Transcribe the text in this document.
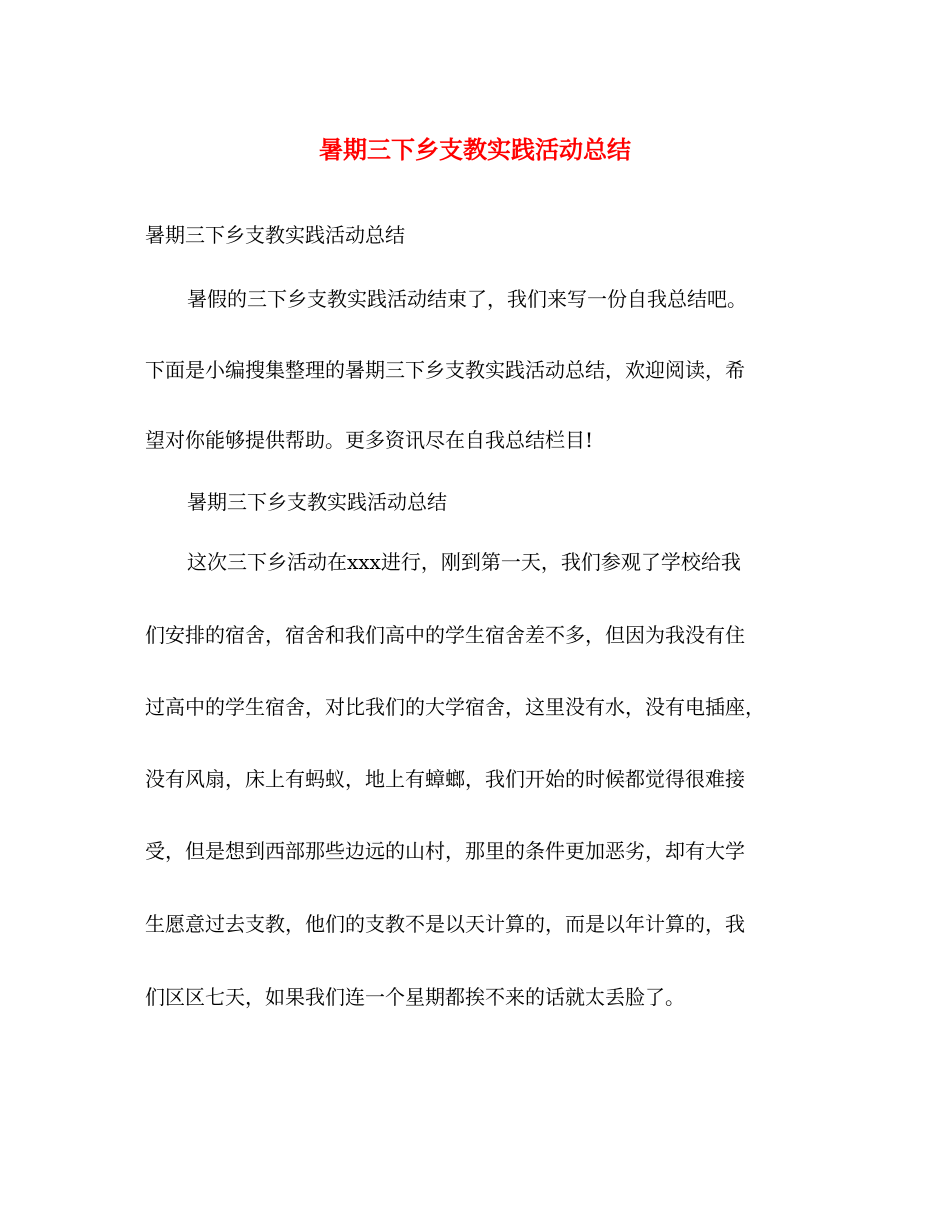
暑期三下乡支教实践活动总结

暑期三下乡支教实践活动总结

暑假的三下乡支教实践活动结束了，我们来写一份自我总结吧。

下面是小编搜集整理的暑期三下乡支教实践活动总结，欢迎阅读，希

望对你能够提供帮助。更多资讯尽在自我总结栏目!

暑期三下乡支教实践活动总结

这次三下乡活动在xxx进行，刚到第一天，我们参观了学校给我

们安排的宿舍，宿舍和我们高中的学生宿舍差不多，但因为我没有住

过高中的学生宿舍，对比我们的大学宿舍，这里没有水，没有电插座，

没有风扇，床上有蚂蚁，地上有蟑螂，我们开始的时候都觉得很难接

受，但是想到西部那些边远的山村，那里的条件更加恶劣，却有大学

生愿意过去支教，他们的支教不是以天计算的，而是以年计算的，我

们区区七天，如果我们连一个星期都挨不来的话就太丢脸了。
